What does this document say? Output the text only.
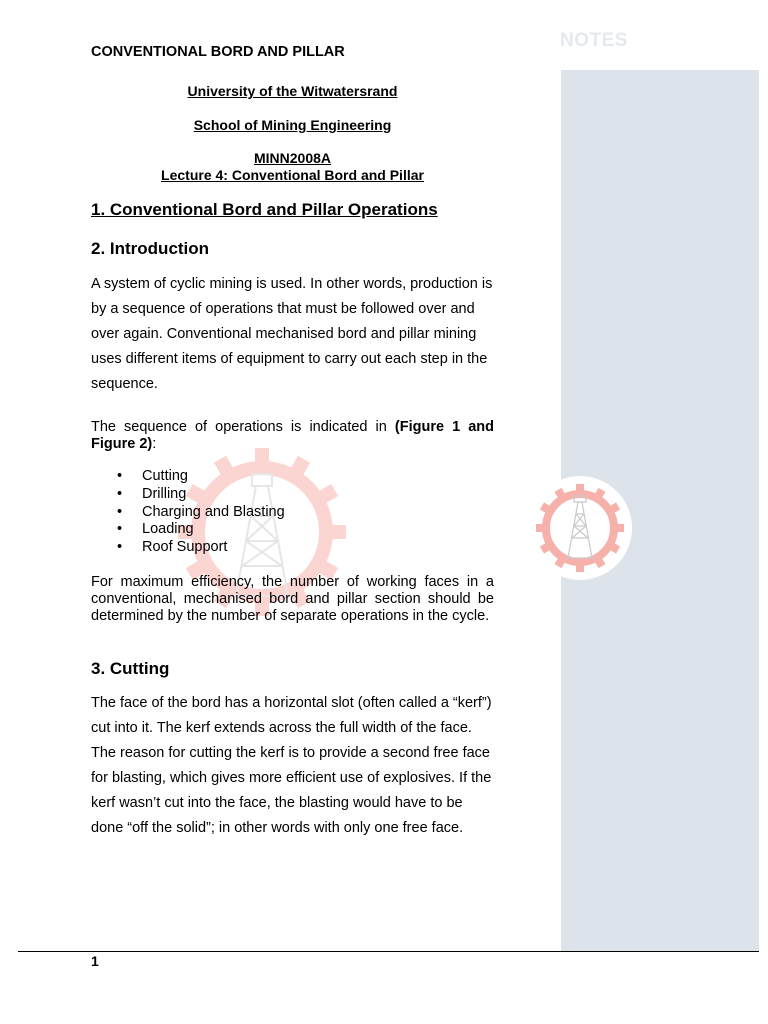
NOTES
CONVENTIONAL BORD AND PILLAR
University of the Witwatersrand
School of Mining Engineering
MINN2008A
Lecture 4: Conventional Bord and Pillar
1. Conventional Bord and Pillar Operations
2. Introduction
A system of cyclic mining is used. In other words, production is by a sequence of operations that must be followed over and over again. Conventional mechanised bord and pillar mining uses different items of equipment to carry out each step in the sequence.
The sequence of operations is indicated in (Figure 1 and Figure 2):
• Cutting
• Drilling
• Charging and Blasting
• Loading
• Roof Support
For maximum efficiency, the number of working faces in a conventional, mechanised bord and pillar section should be determined by the number of separate operations in the cycle.
3. Cutting
The face of the bord has a horizontal slot (often called a “kerf”) cut into it. The kerf extends across the full width of the face. The reason for cutting the kerf is to provide a second free face for blasting, which gives more efficient use of explosives. If the kerf wasn’t cut into the face, the blasting would have to be done “off the solid”; in other words with only one free face.
1
